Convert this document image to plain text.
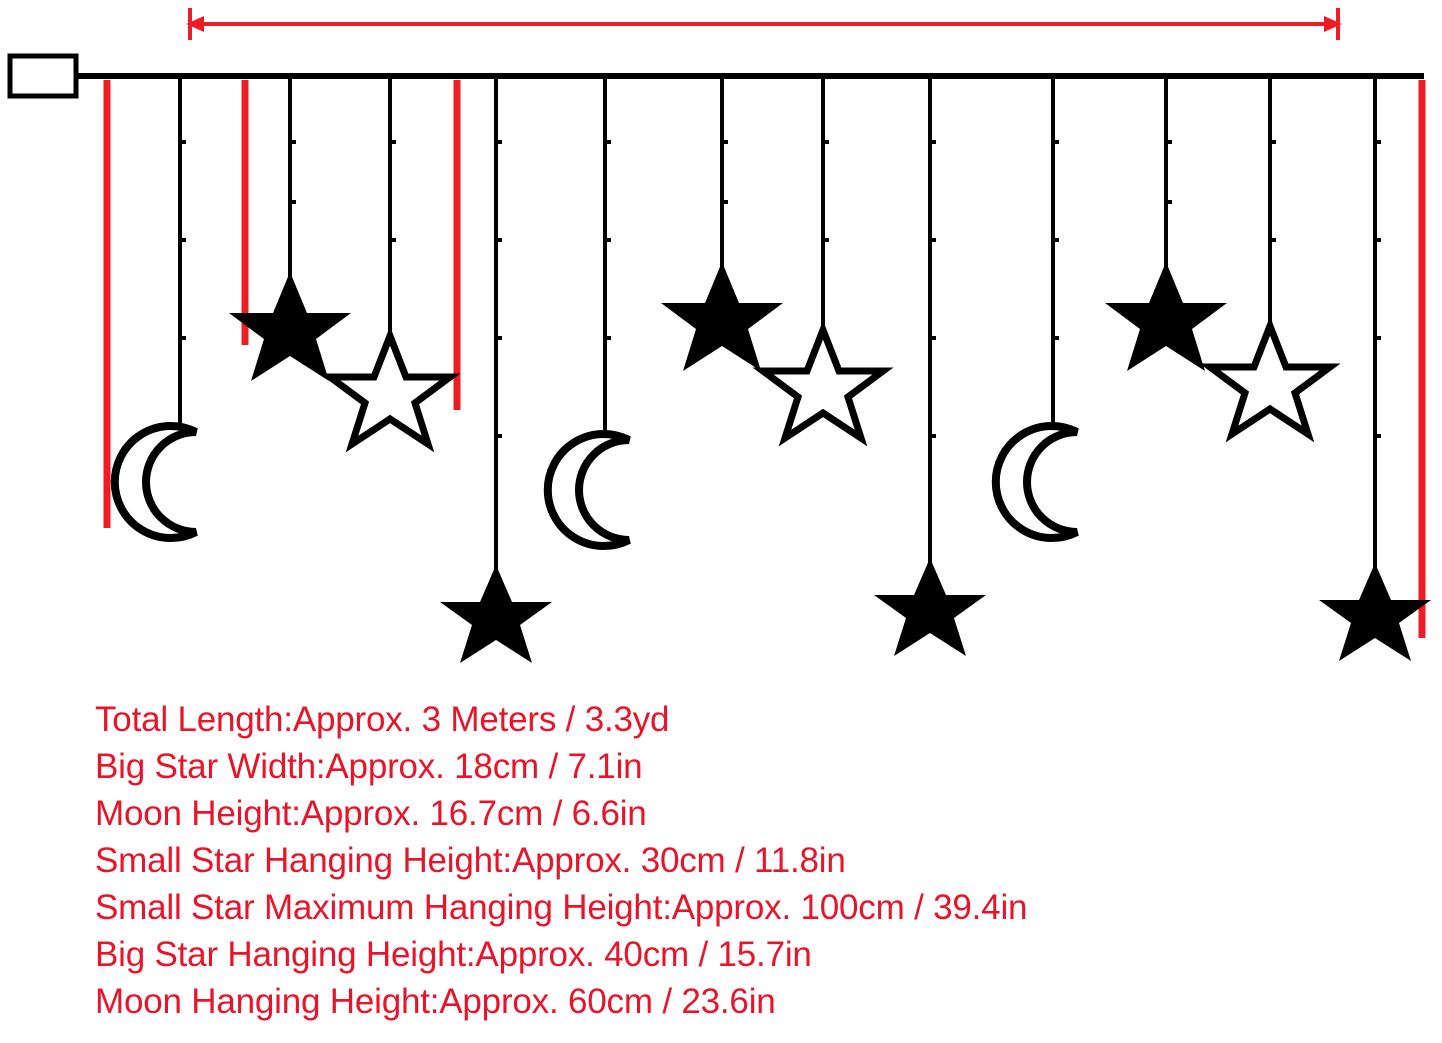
Total Length:Approx. 3 Meters / 3.3yd
Big Star Width:Approx. 18cm / 7.1in
Moon Height:Approx. 16.7cm / 6.6in
Small Star Hanging Height:Approx. 30cm / 11.8in
Small Star Maximum Hanging Height:Approx. 100cm / 39.4in
Big Star Hanging Height:Approx. 40cm / 15.7in
Moon Hanging Height:Approx. 60cm / 23.6in
